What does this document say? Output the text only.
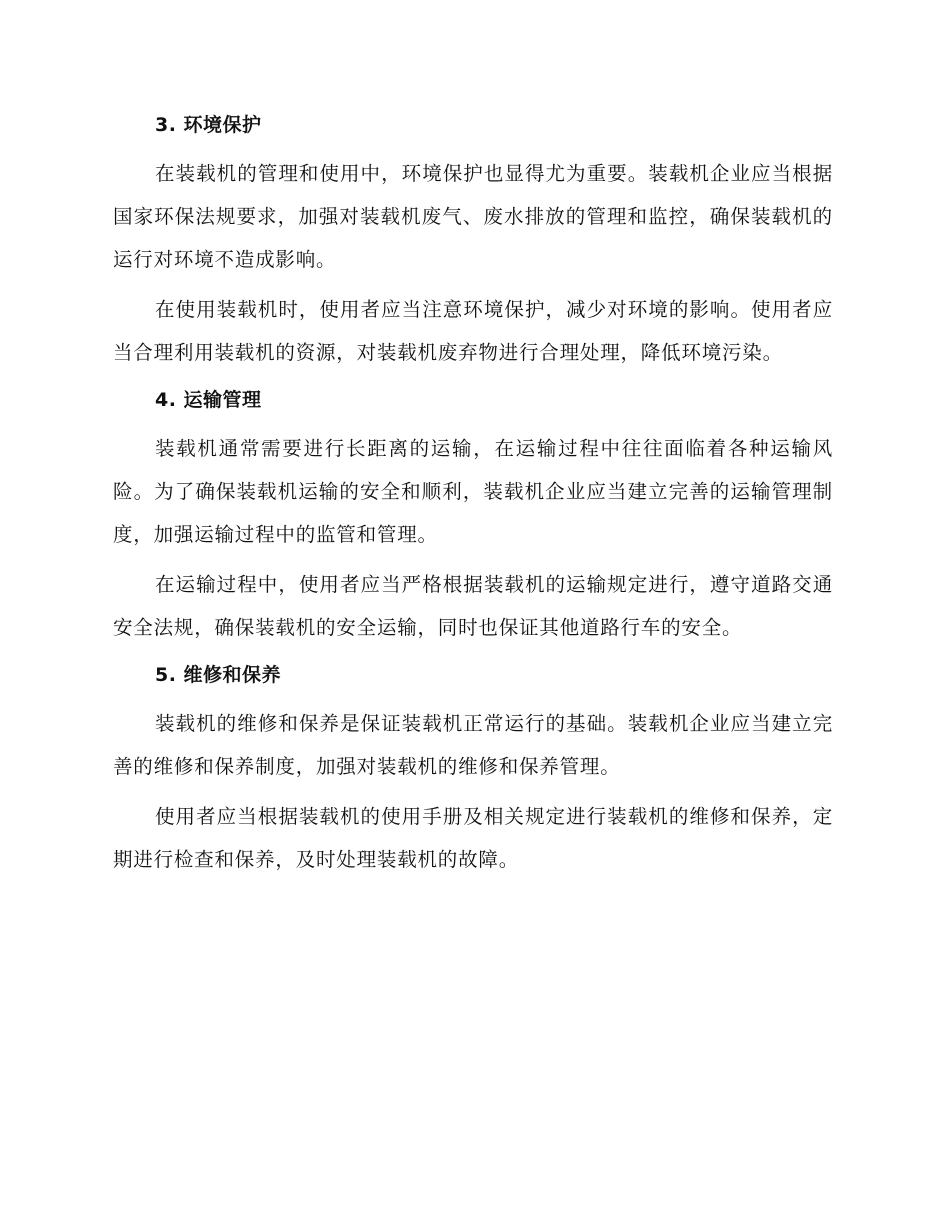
3. 环境保护

在装载机的管理和使用中，环境保护也显得尤为重要。装载机企业应当根据国家环保法规要求，加强对装载机废气、废水排放的管理和监控，确保装载机的运行对环境不造成影响。

在使用装载机时，使用者应当注意环境保护，减少对环境的影响。使用者应当合理利用装载机的资源，对装载机废弃物进行合理处理，降低环境污染。

4. 运输管理

装载机通常需要进行长距离的运输，在运输过程中往往面临着各种运输风险。为了确保装载机运输的安全和顺利，装载机企业应当建立完善的运输管理制度，加强运输过程中的监管和管理。

在运输过程中，使用者应当严格根据装载机的运输规定进行，遵守道路交通安全法规，确保装载机的安全运输，同时也保证其他道路行车的安全。

5. 维修和保养

装载机的维修和保养是保证装载机正常运行的基础。装载机企业应当建立完善的维修和保养制度，加强对装载机的维修和保养管理。

使用者应当根据装载机的使用手册及相关规定进行装载机的维修和保养，定期进行检查和保养，及时处理装载机的故障。
